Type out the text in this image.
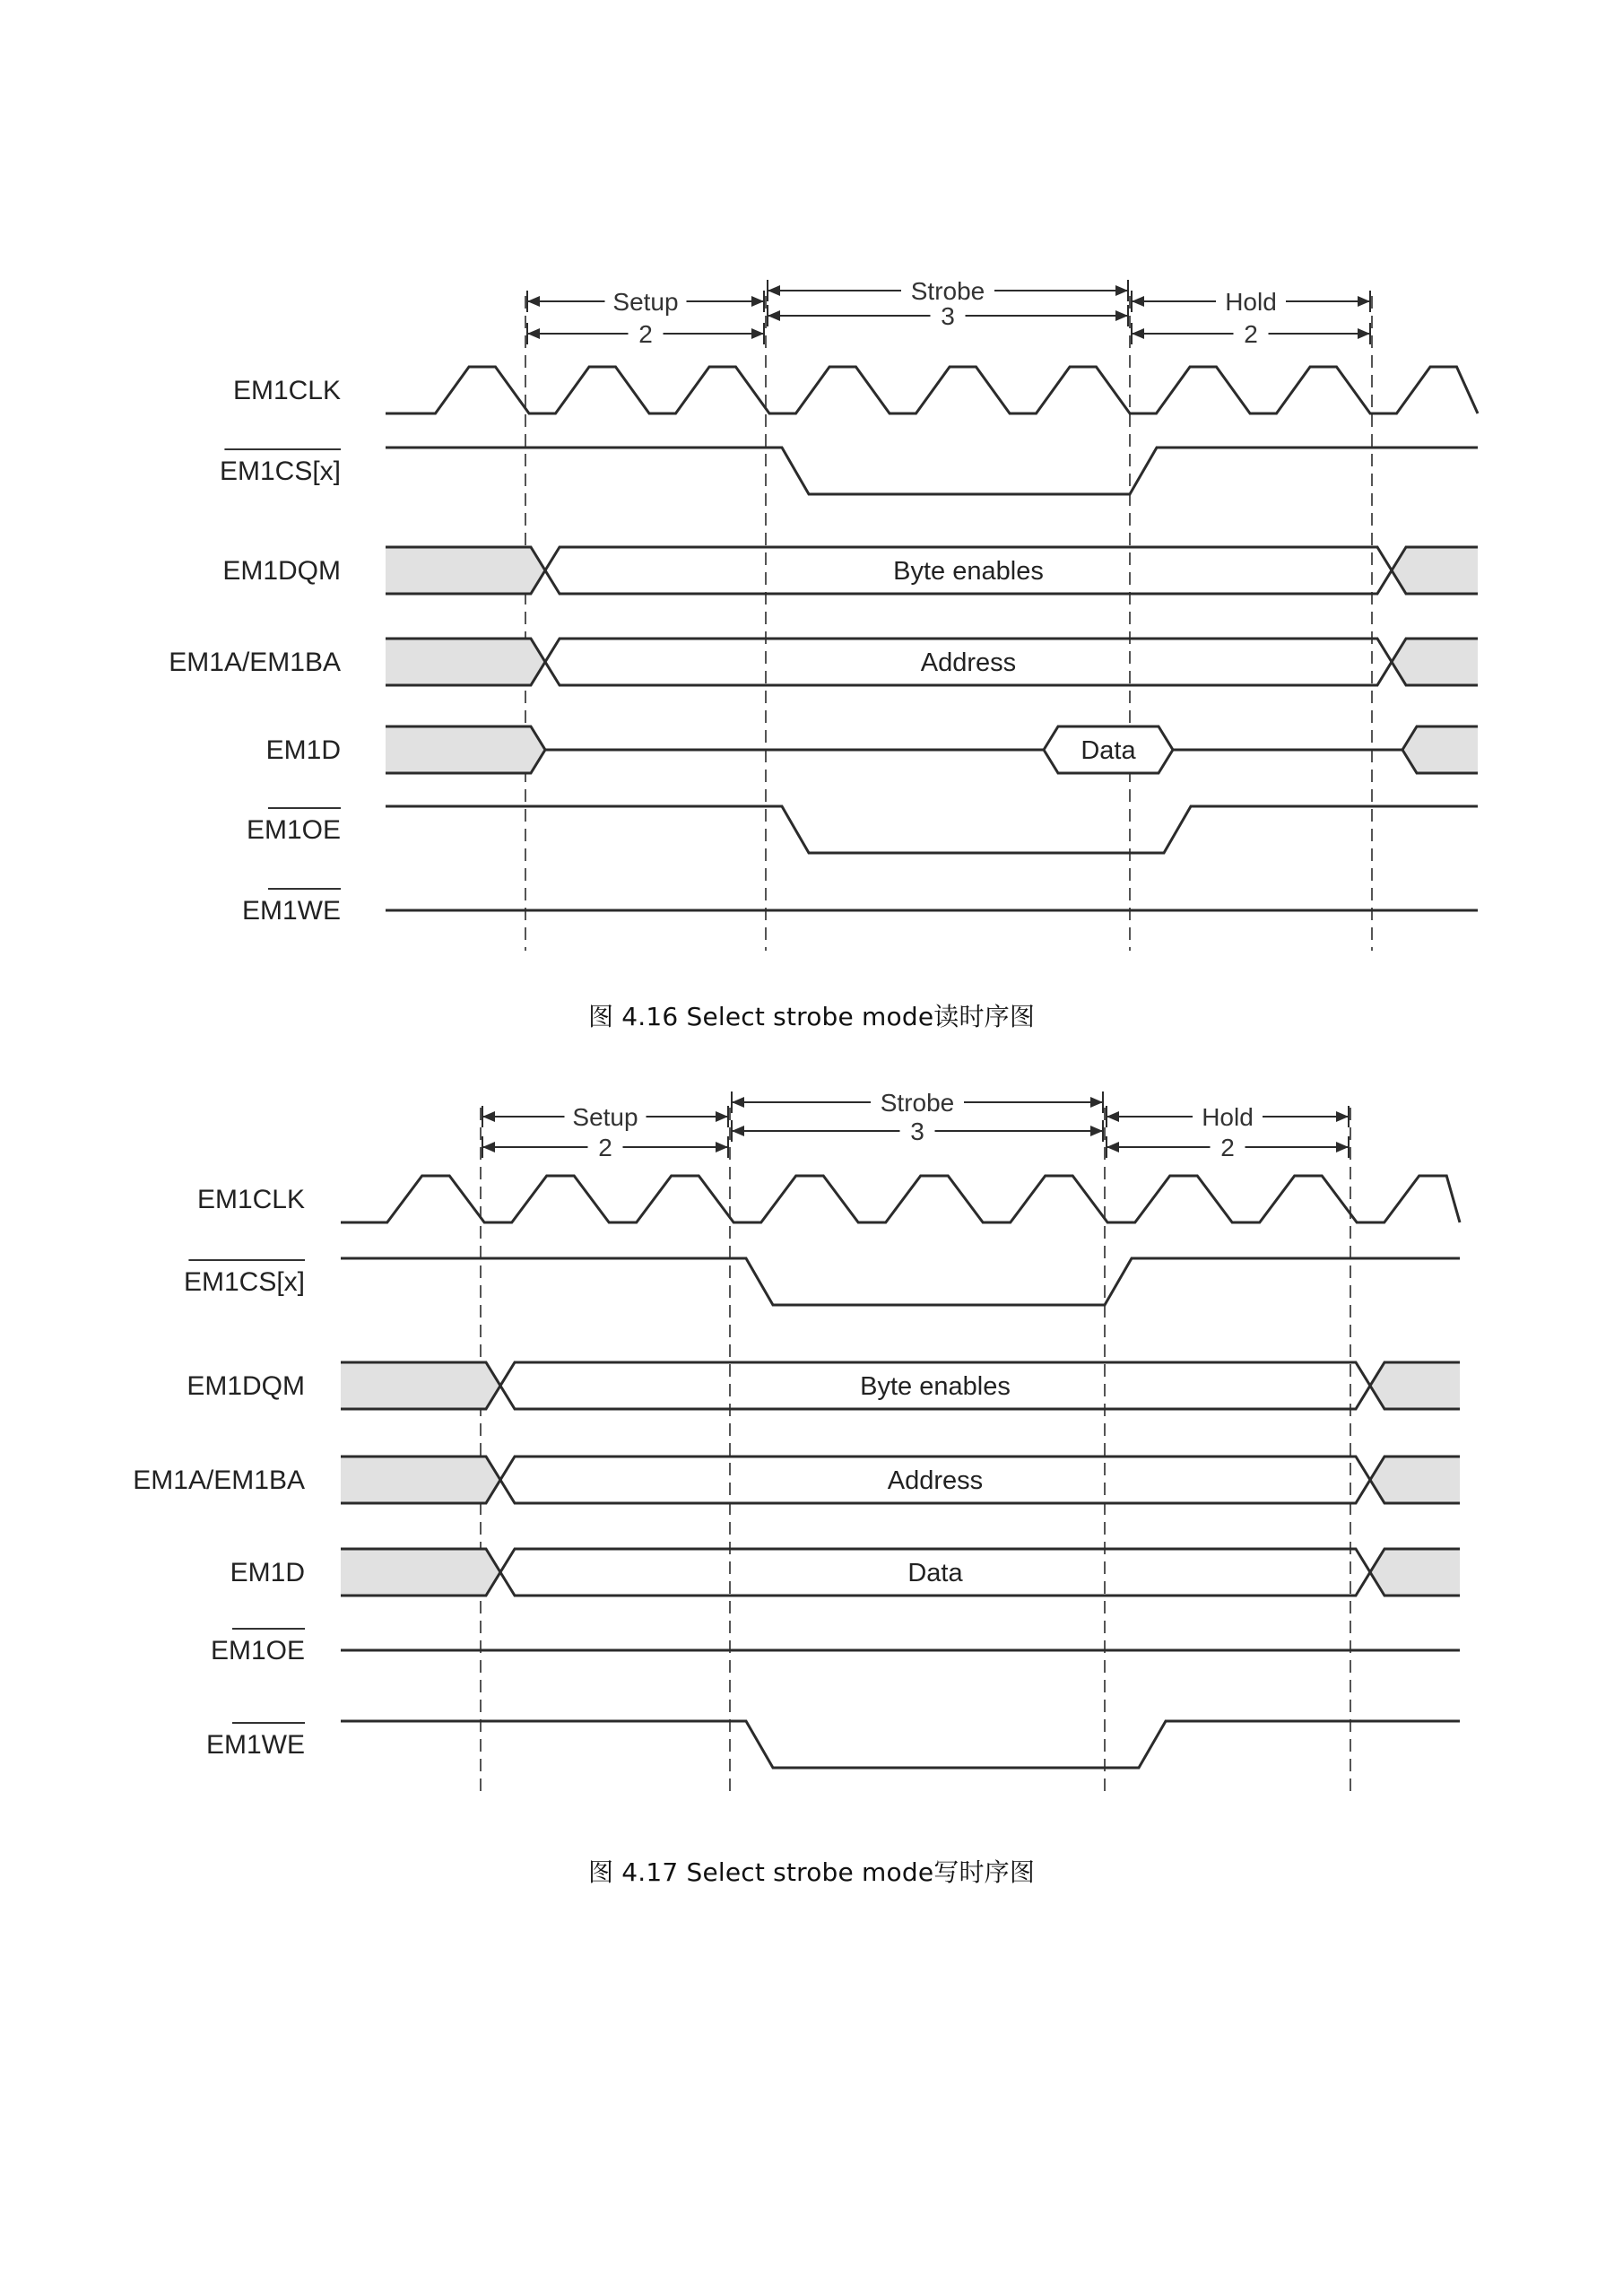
Setup
2
Strobe
3
Hold
2
EM1CLK
EM1CS[x]
EM1DQM	Byte enables
EM1A/EM1BA	Address
EM1D	Data
EM1OE
EM1WE
图 4.16 Select strobe mode读时序图
Setup
2
Strobe
3
Hold
2
EM1CLK
EM1CS[x]
EM1DQM	Byte enables
EM1A/EM1BA	Address
EM1D	Data
EM1OE
EM1WE
图 4.17 Select strobe mode写时序图
